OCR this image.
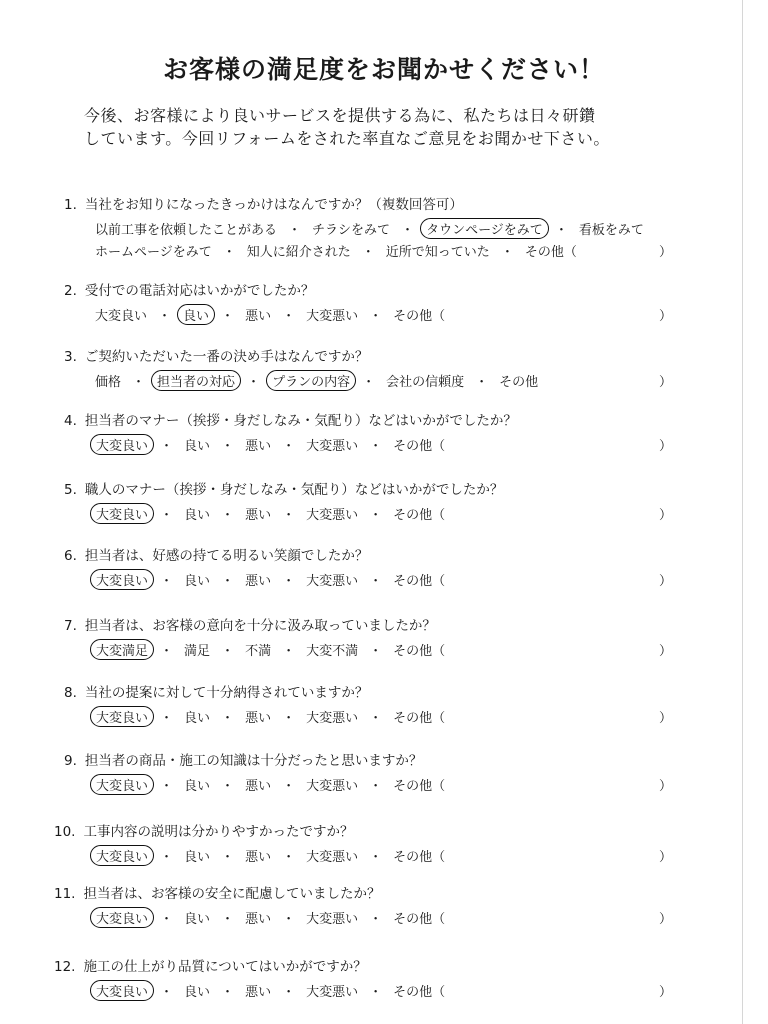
お客様の満足度をお聞かせください！
今後、お客様により良いサービスを提供する為に、私たちは日々研鑽
しています。今回リフォームをされた率直なご意見をお聞かせ下さい。
1. 当社をお知りになったきっかけはなんですか？（複数回答可）
以前工事を依頼したことがある ・ チラシをみて ・ タウンページをみて ・ 看板をみて
ホームページをみて ・ 知人に紹介された ・ 近所で知っていた ・ その他（	）
2. 受付での電話対応はいかがでしたか？
大変良い ・ 良い ・ 悪い ・ 大変悪い ・ その他（	）
3. ご契約いただいた一番の決め手はなんですか？
価格 ・ 担当者の対応 ・ プランの内容 ・ 会社の信頼度 ・ その他	）
4. 担当者のマナー（挨拶・身だしなみ・気配り）などはいかがでしたか？
大変良い ・ 良い ・ 悪い ・ 大変悪い ・ その他（	）
5. 職人のマナー（挨拶・身だしなみ・気配り）などはいかがでしたか？
大変良い ・ 良い ・ 悪い ・ 大変悪い ・ その他（	）
6. 担当者は、好感の持てる明るい笑顔でしたか？
大変良い ・ 良い ・ 悪い ・ 大変悪い ・ その他（	）
7. 担当者は、お客様の意向を十分に汲み取っていましたか？
大変満足 ・ 満足 ・ 不満 ・ 大変不満 ・ その他（	）
8. 当社の提案に対して十分納得されていますか？
大変良い ・ 良い ・ 悪い ・ 大変悪い ・ その他（	）
9. 担当者の商品・施工の知識は十分だったと思いますか？
大変良い ・ 良い ・ 悪い ・ 大変悪い ・ その他（	）
10. 工事内容の説明は分かりやすかったですか？
大変良い ・ 良い ・ 悪い ・ 大変悪い ・ その他（	）
11. 担当者は、お客様の安全に配慮していましたか？
大変良い ・ 良い ・ 悪い ・ 大変悪い ・ その他（	）
12. 施工の仕上がり品質についてはいかがですか？
大変良い ・ 良い ・ 悪い ・ 大変悪い ・ その他（	）
